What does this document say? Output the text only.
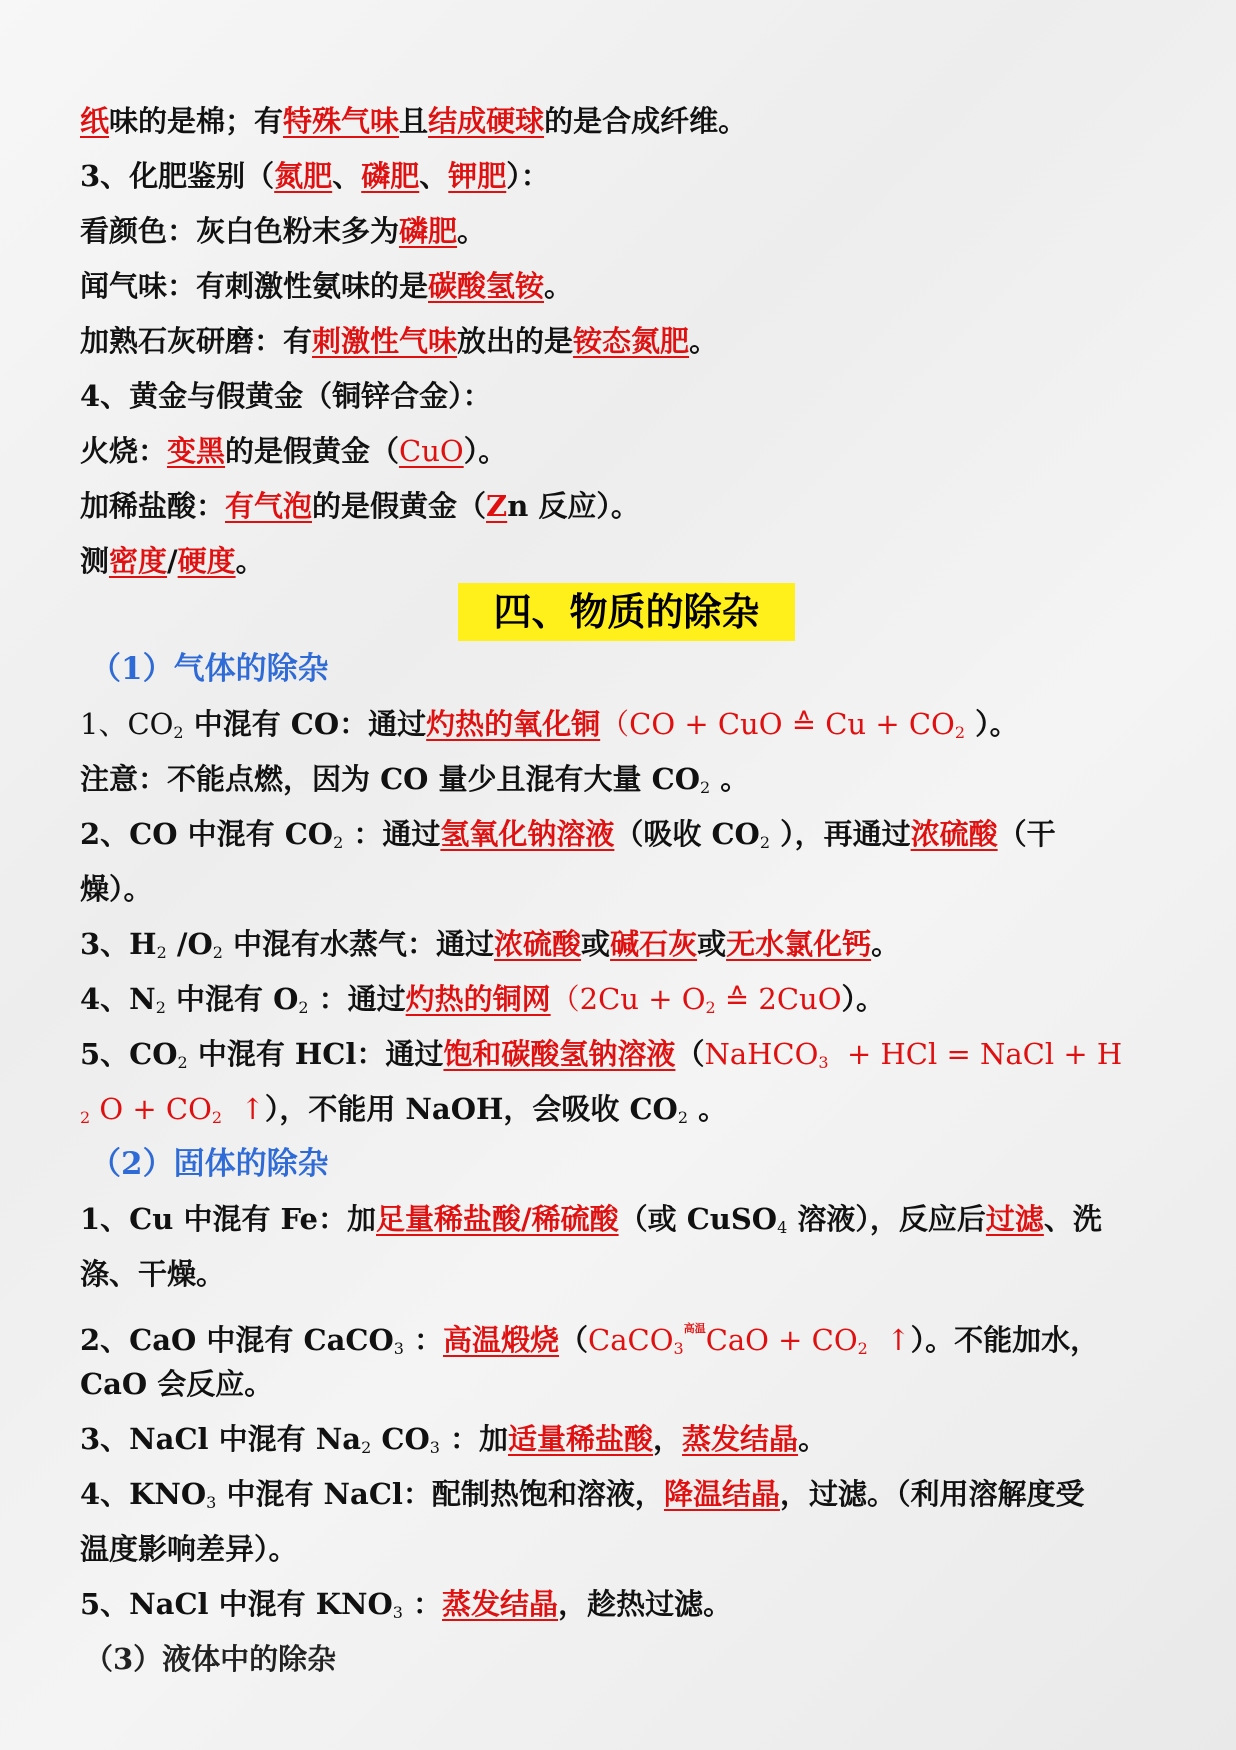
纸味的是棉；有特殊气味且结成硬球的是合成纤维。
3、化肥鉴别（氮肥、磷肥、钾肥）：
看颜色：灰白色粉末多为磷肥。
闻气味：有刺激性氨味的是碳酸氢铵。
加熟石灰研磨：有刺激性气味放出的是铵态氮肥。
4、黄金与假黄金（铜锌合金）：
火烧：变黑的是假黄金（CuO）。
加稀盐酸：有气泡的是假黄金（Zn 反应）。
测密度/硬度。
四、物质的除杂
（1）气体的除杂
1、$CO_2$ 中混有 CO：通过灼热的氧化铜（CO + CuO ≙ $Cu + CO_2$ ）。
注意：不能点燃，因为 CO 量少且混有大量 $CO_2$ 。
2、CO 中混有 $CO_2$ ：通过氢氧化钠溶液（吸收 $CO_2$ ），再通过浓硫酸（干
燥）。
3、$H_2$ $/O_2$ 中混有水蒸气：通过浓硫酸或碱石灰或无水氯化钙。
4、$N_2$ 中混有 $O_2$ ：通过灼热的铜网（$2Cu + O_2$ ≙ 2CuO）。
5、$CO_2$ 中混有 HCl：通过饱和碳酸氢钠溶液（NaHCO$_3$  + HCl = NaCl + H
$_2$ $O + CO_2$  ↑），不能用 NaOH，会吸收 $CO_2$ 。
（2）固体的除杂
1、Cu 中混有 Fe：加足量稀盐酸/稀硫酸（或 CuSO$_4$ 溶液），反应后过滤、洗
涤、干燥。
2、CaO 中混有 CaCO$_3$ ：高温煅烧（CaCO$_3^{高温}$CaO + $CO_2$  ↑）。不能加水，
CaO 会反应。
3、NaCl 中混有 $Na_2$ $CO_3$ ：加适量稀盐酸，蒸发结晶。
4、$KNO_3$ 中混有 NaCl：配制热饱和溶液，降温结晶，过滤。（利用溶解度受
温度影响差异）。
5、NaCl 中混有 $KNO_3$ ：蒸发结晶，趁热过滤。
（3）液体中的除杂
